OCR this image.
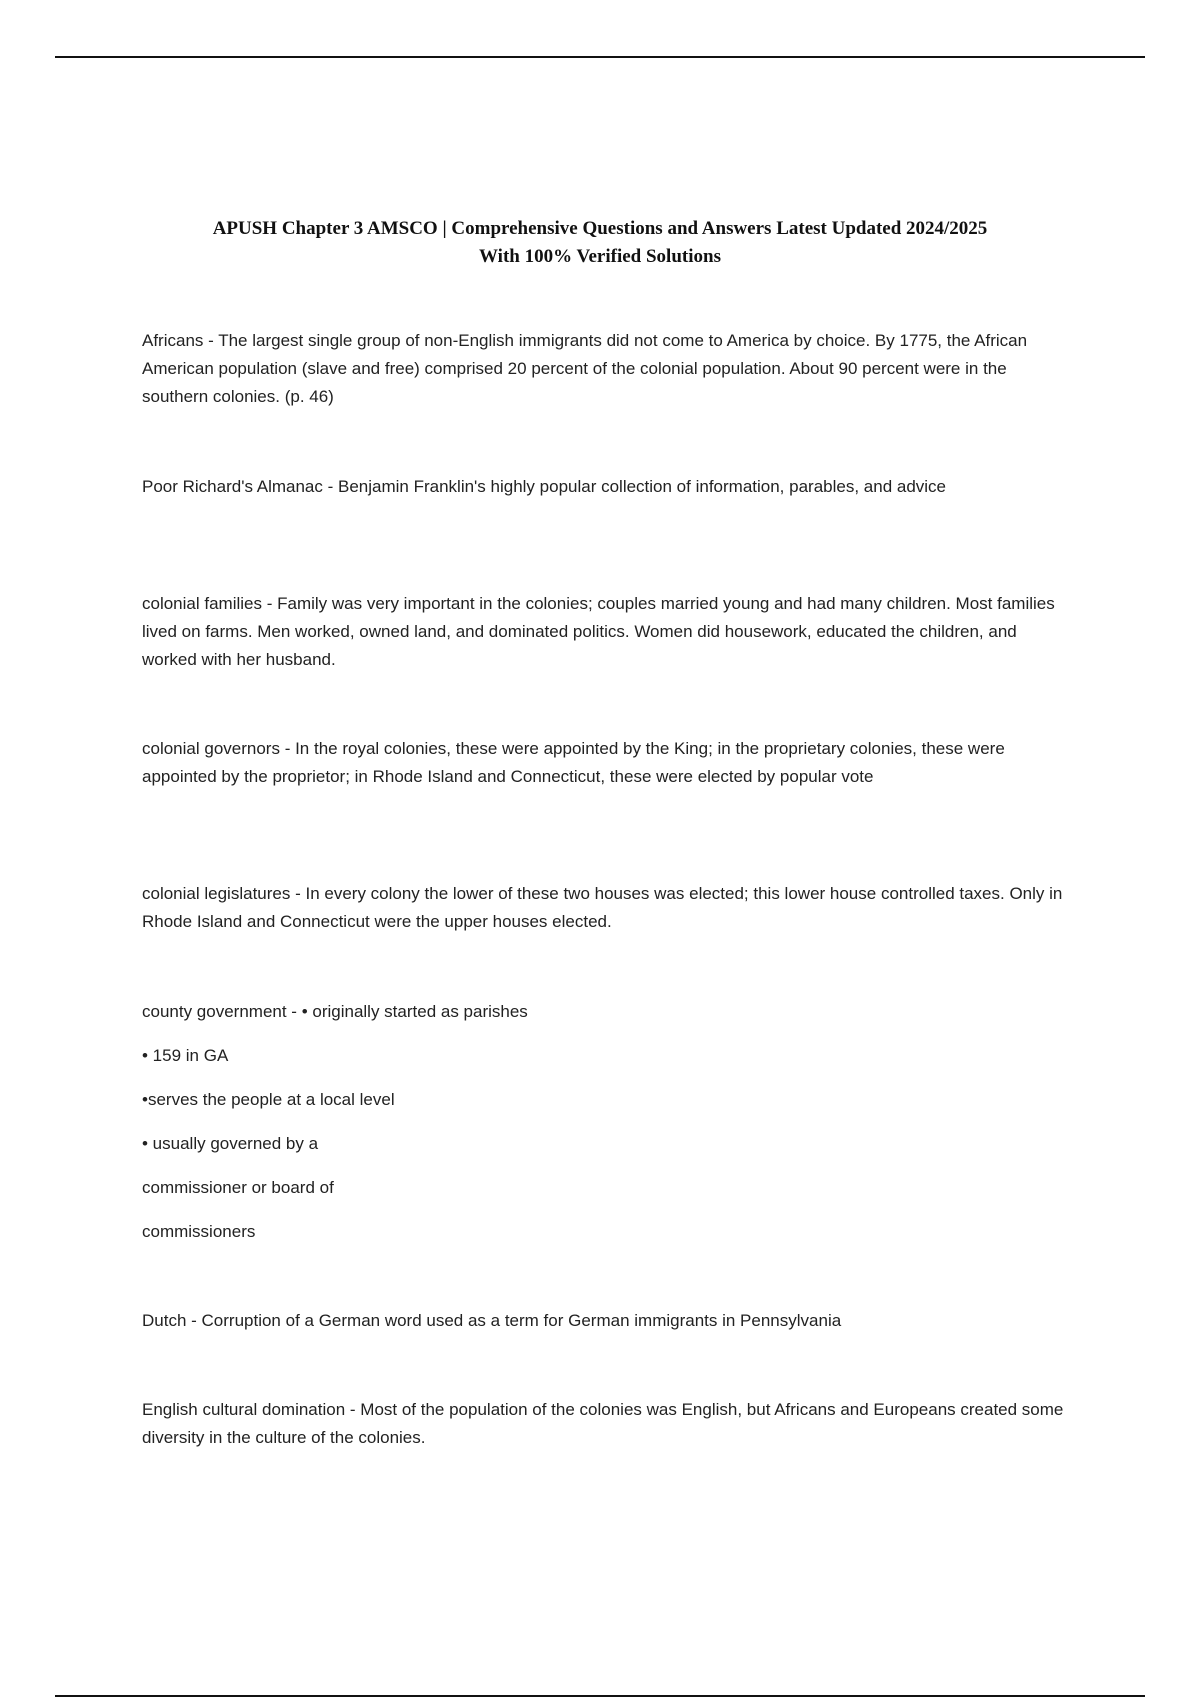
APUSH Chapter 3 AMSCO | Comprehensive Questions and Answers Latest Updated 2024/2025
With 100% Verified Solutions

Africans - The largest single group of non-English immigrants did not come to America by choice. By 1775, the African American population (slave and free) comprised 20 percent of the colonial population. About 90 percent were in the southern colonies. (p. 46)

Poor Richard's Almanac - Benjamin Franklin's highly popular collection of information, parables, and advice

colonial families - Family was very important in the colonies; couples married young and had many children. Most families lived on farms. Men worked, owned land, and dominated politics. Women did housework, educated the children, and worked with her husband.

colonial governors - In the royal colonies, these were appointed by the King; in the proprietary colonies, these were appointed by the proprietor; in Rhode Island and Connecticut, these were elected by popular vote

colonial legislatures - In every colony the lower of these two houses was elected; this lower house controlled taxes. Only in Rhode Island and Connecticut were the upper houses elected.

county government - • originally started as parishes
• 159 in GA
•serves the people at a local level
• usually governed by a
commissioner or board of
commissioners

Dutch - Corruption of a German word used as a term for German immigrants in Pennsylvania

English cultural domination - Most of the population of the colonies was English, but Africans and Europeans created some diversity in the culture of the colonies.
